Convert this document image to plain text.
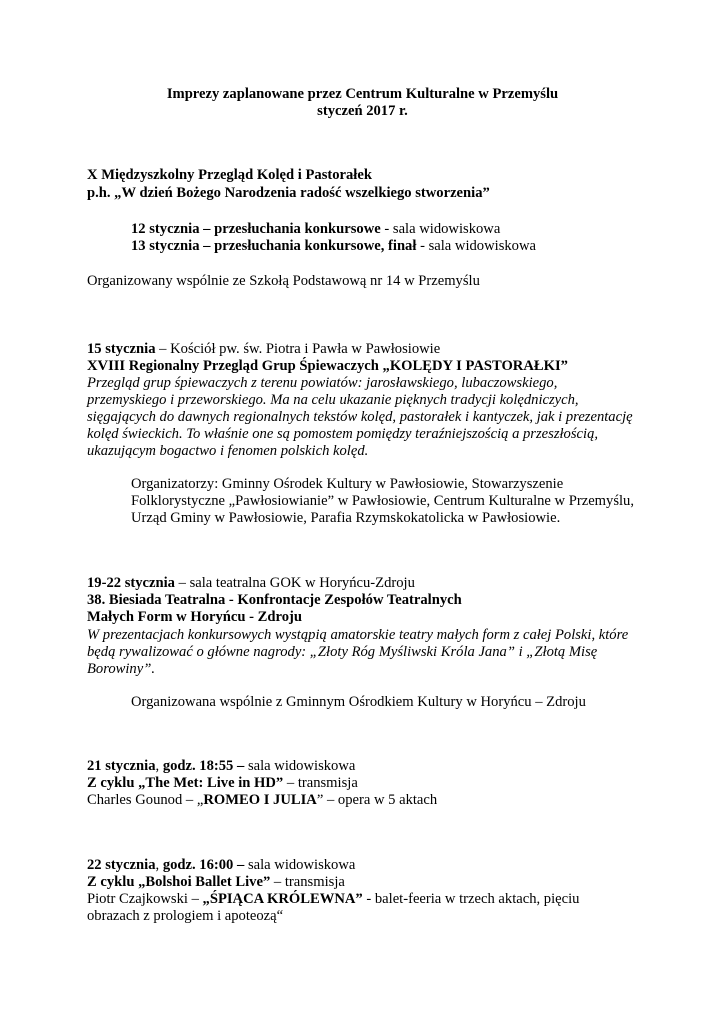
Imprezy zaplanowane przez Centrum Kulturalne w Przemyślu
styczeń 2017 r.
X Międzyszkolny Przegląd Kolęd i Pastorałek
p.h. „W dzień Bożego Narodzenia radość wszelkiego stworzenia”
12 stycznia – przesłuchania konkursowe - sala widowiskowa
13 stycznia – przesłuchania konkursowe, finał - sala widowiskowa
Organizowany wspólnie ze Szkołą Podstawową nr 14 w Przemyślu
15 stycznia – Kościół pw. św. Piotra i Pawła w Pawłosiowie
XVIII Regionalny Przegląd Grup Śpiewaczych „KOLĘDY I PASTORAŁKI”
Przegląd grup śpiewaczych z terenu powiatów: jarosławskiego, lubaczowskiego,
przemyskiego i przeworskiego. Ma na celu ukazanie pięknych tradycji kolędniczych,
sięgających do dawnych regionalnych tekstów kolęd, pastorałek i kantyczek, jak i prezentację
kolęd świeckich. To właśnie one są pomostem pomiędzy teraźniejszością a przeszłością,
ukazującym bogactwo i fenomen polskich kolęd.
Organizatorzy: Gminny Ośrodek Kultury w Pawłosiowie, Stowarzyszenie
Folklorystyczne „Pawłosiowianie” w Pawłosiowie, Centrum Kulturalne w Przemyślu,
Urząd Gminy w Pawłosiowie, Parafia Rzymskokatolicka w Pawłosiowie.
19-22 stycznia – sala teatralna GOK w Horyńcu-Zdroju
38. Biesiada Teatralna - Konfrontacje Zespołów Teatralnych
Małych Form w Horyńcu - Zdroju
W prezentacjach konkursowych wystąpią amatorskie teatry małych form z całej Polski, które
będą rywalizować o główne nagrody: „Złoty Róg Myśliwski Króla Jana” i „Złotą Misę
Borowiny”.
Organizowana wspólnie z Gminnym Ośrodkiem Kultury w Horyńcu – Zdroju
21 stycznia, godz. 18:55 – sala widowiskowa
Z cyklu „The Met: Live in HD” – transmisja
Charles Gounod – „ROMEO I JULIA” – opera w 5 aktach
22 stycznia, godz. 16:00 – sala widowiskowa
Z cyklu „Bolshoi Ballet Live” – transmisja
Piotr Czajkowski – „ŚPIĄCA KRÓLEWNA” - balet-feeria w trzech aktach, pięciu
obrazach z prologiem i apoteozą“
